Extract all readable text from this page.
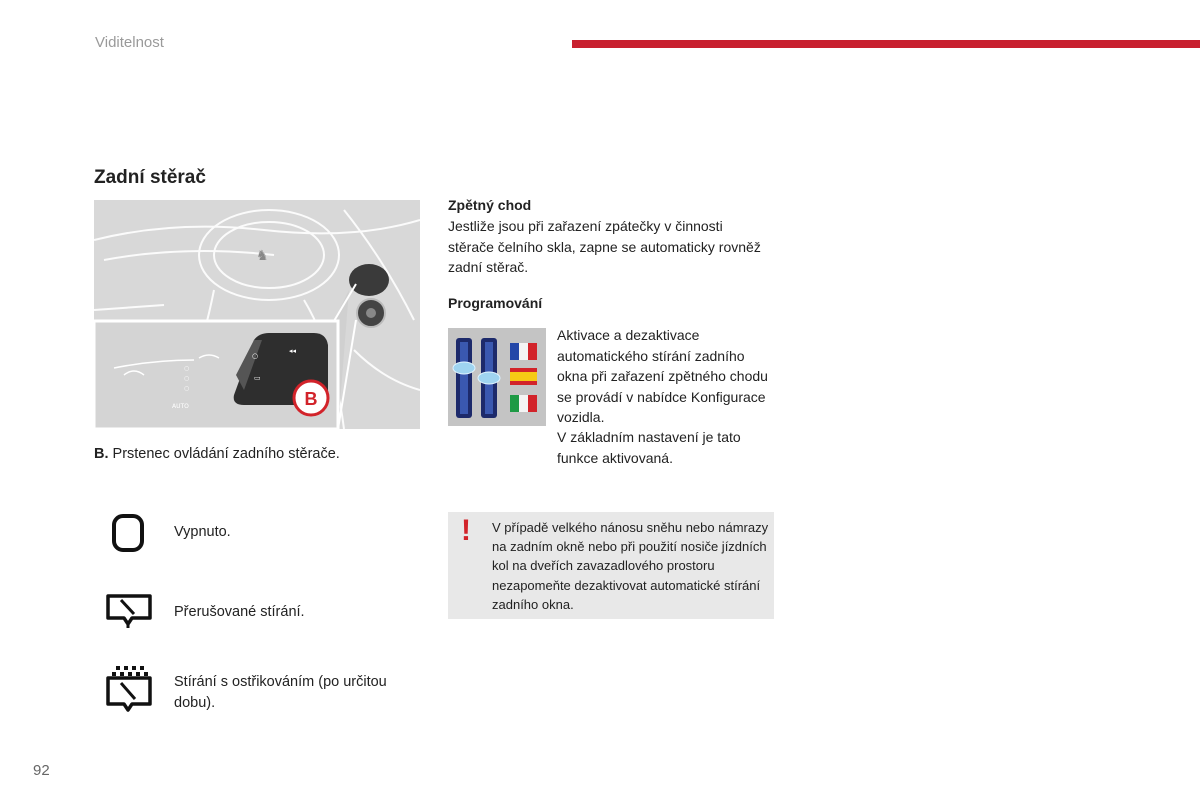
Viditelnost
Zadní stěrač
♞
○
○
○
AUTO
○
◂◂
▭
B
B. Prstenec ovládání zadního stěrače.
Vypnuto.
Přerušované stírání.
Stírání s ostřikováním (po určitou dobu).
Zpětný chod
Jestliže jsou při zařazení zpátečky v činnosti stěrače čelního skla, zapne se automaticky rovněž zadní stěrač.
Programování
Aktivace a dezaktivace automatického stírání zadního okna při zařazení zpětného chodu se provádí v nabídce Konfigurace vozidla.
V základním nastavení je tato funkce aktivovaná.
! V případě velkého nánosu sněhu nebo námrazy na zadním okně nebo při použití nosiče jízdních kol na dveřích zavazadlového prostoru nezapomeňte dezaktivovat automatické stírání zadního okna.
92
